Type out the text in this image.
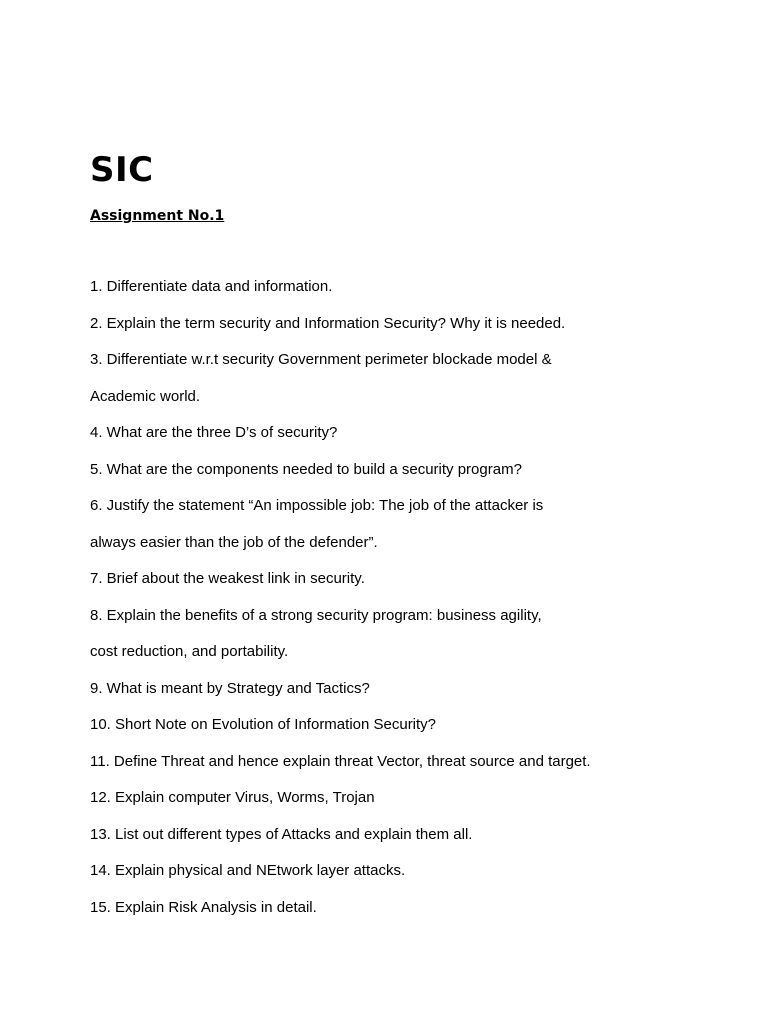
SIC
Assignment No.1
1. Differentiate data and information.
2. Explain the term security and Information Security? Why it is needed.
3. Differentiate w.r.t security Government perimeter blockade model &
Academic world.
4. What are the three D’s of security?
5. What are the components needed to build a security program?
6. Justify the statement “An impossible job: The job of the attacker is
always easier than the job of the defender”.
7. Brief about the weakest link in security.
8. Explain the benefits of a strong security program: business agility,
cost reduction, and portability.
9. What is meant by Strategy and Tactics?
10. Short Note on Evolution of Information Security?
11. Define Threat and hence explain threat Vector, threat source and target.
12. Explain computer Virus, Worms, Trojan
13. List out different types of Attacks and explain them all.
14. Explain physical and NEtwork layer attacks.
15. Explain Risk Analysis in detail.
